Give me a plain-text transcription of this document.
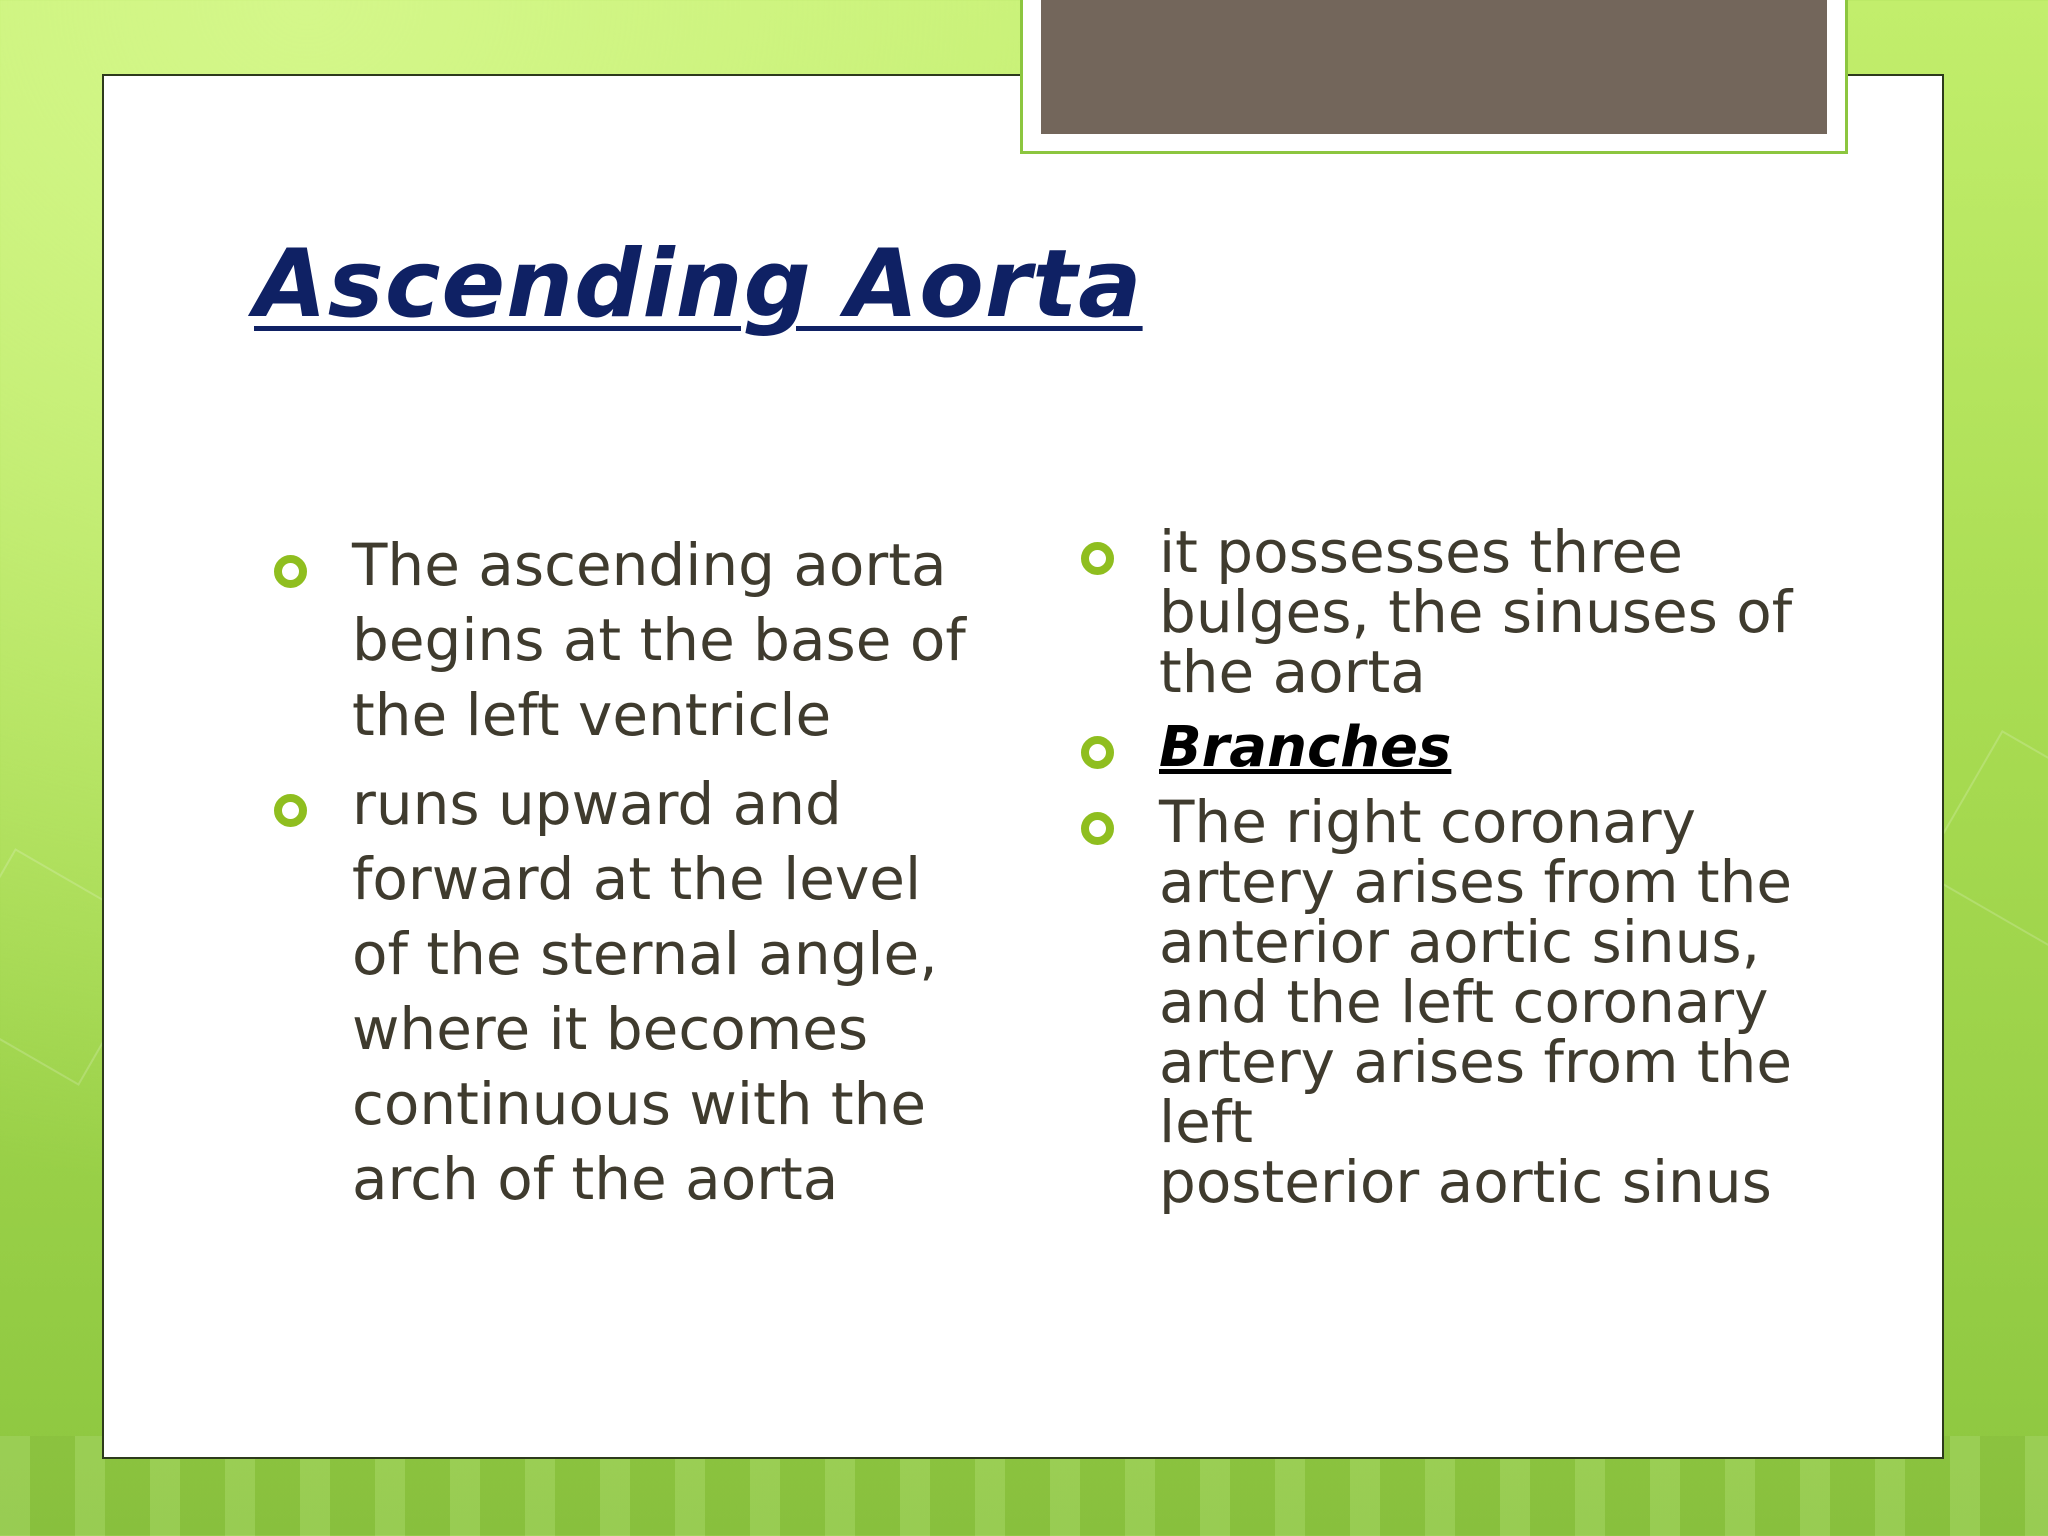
Ascending Aorta
The ascending aorta begins at the base of the left ventricle
runs upward and forward at the level of the sternal angle, where it becomes continuous with the arch of the aorta
it possesses three bulges, the sinuses of the aorta
Branches
The right coronary artery arises from the anterior aortic sinus, and the left coronary artery arises from the left
posterior aortic sinus
